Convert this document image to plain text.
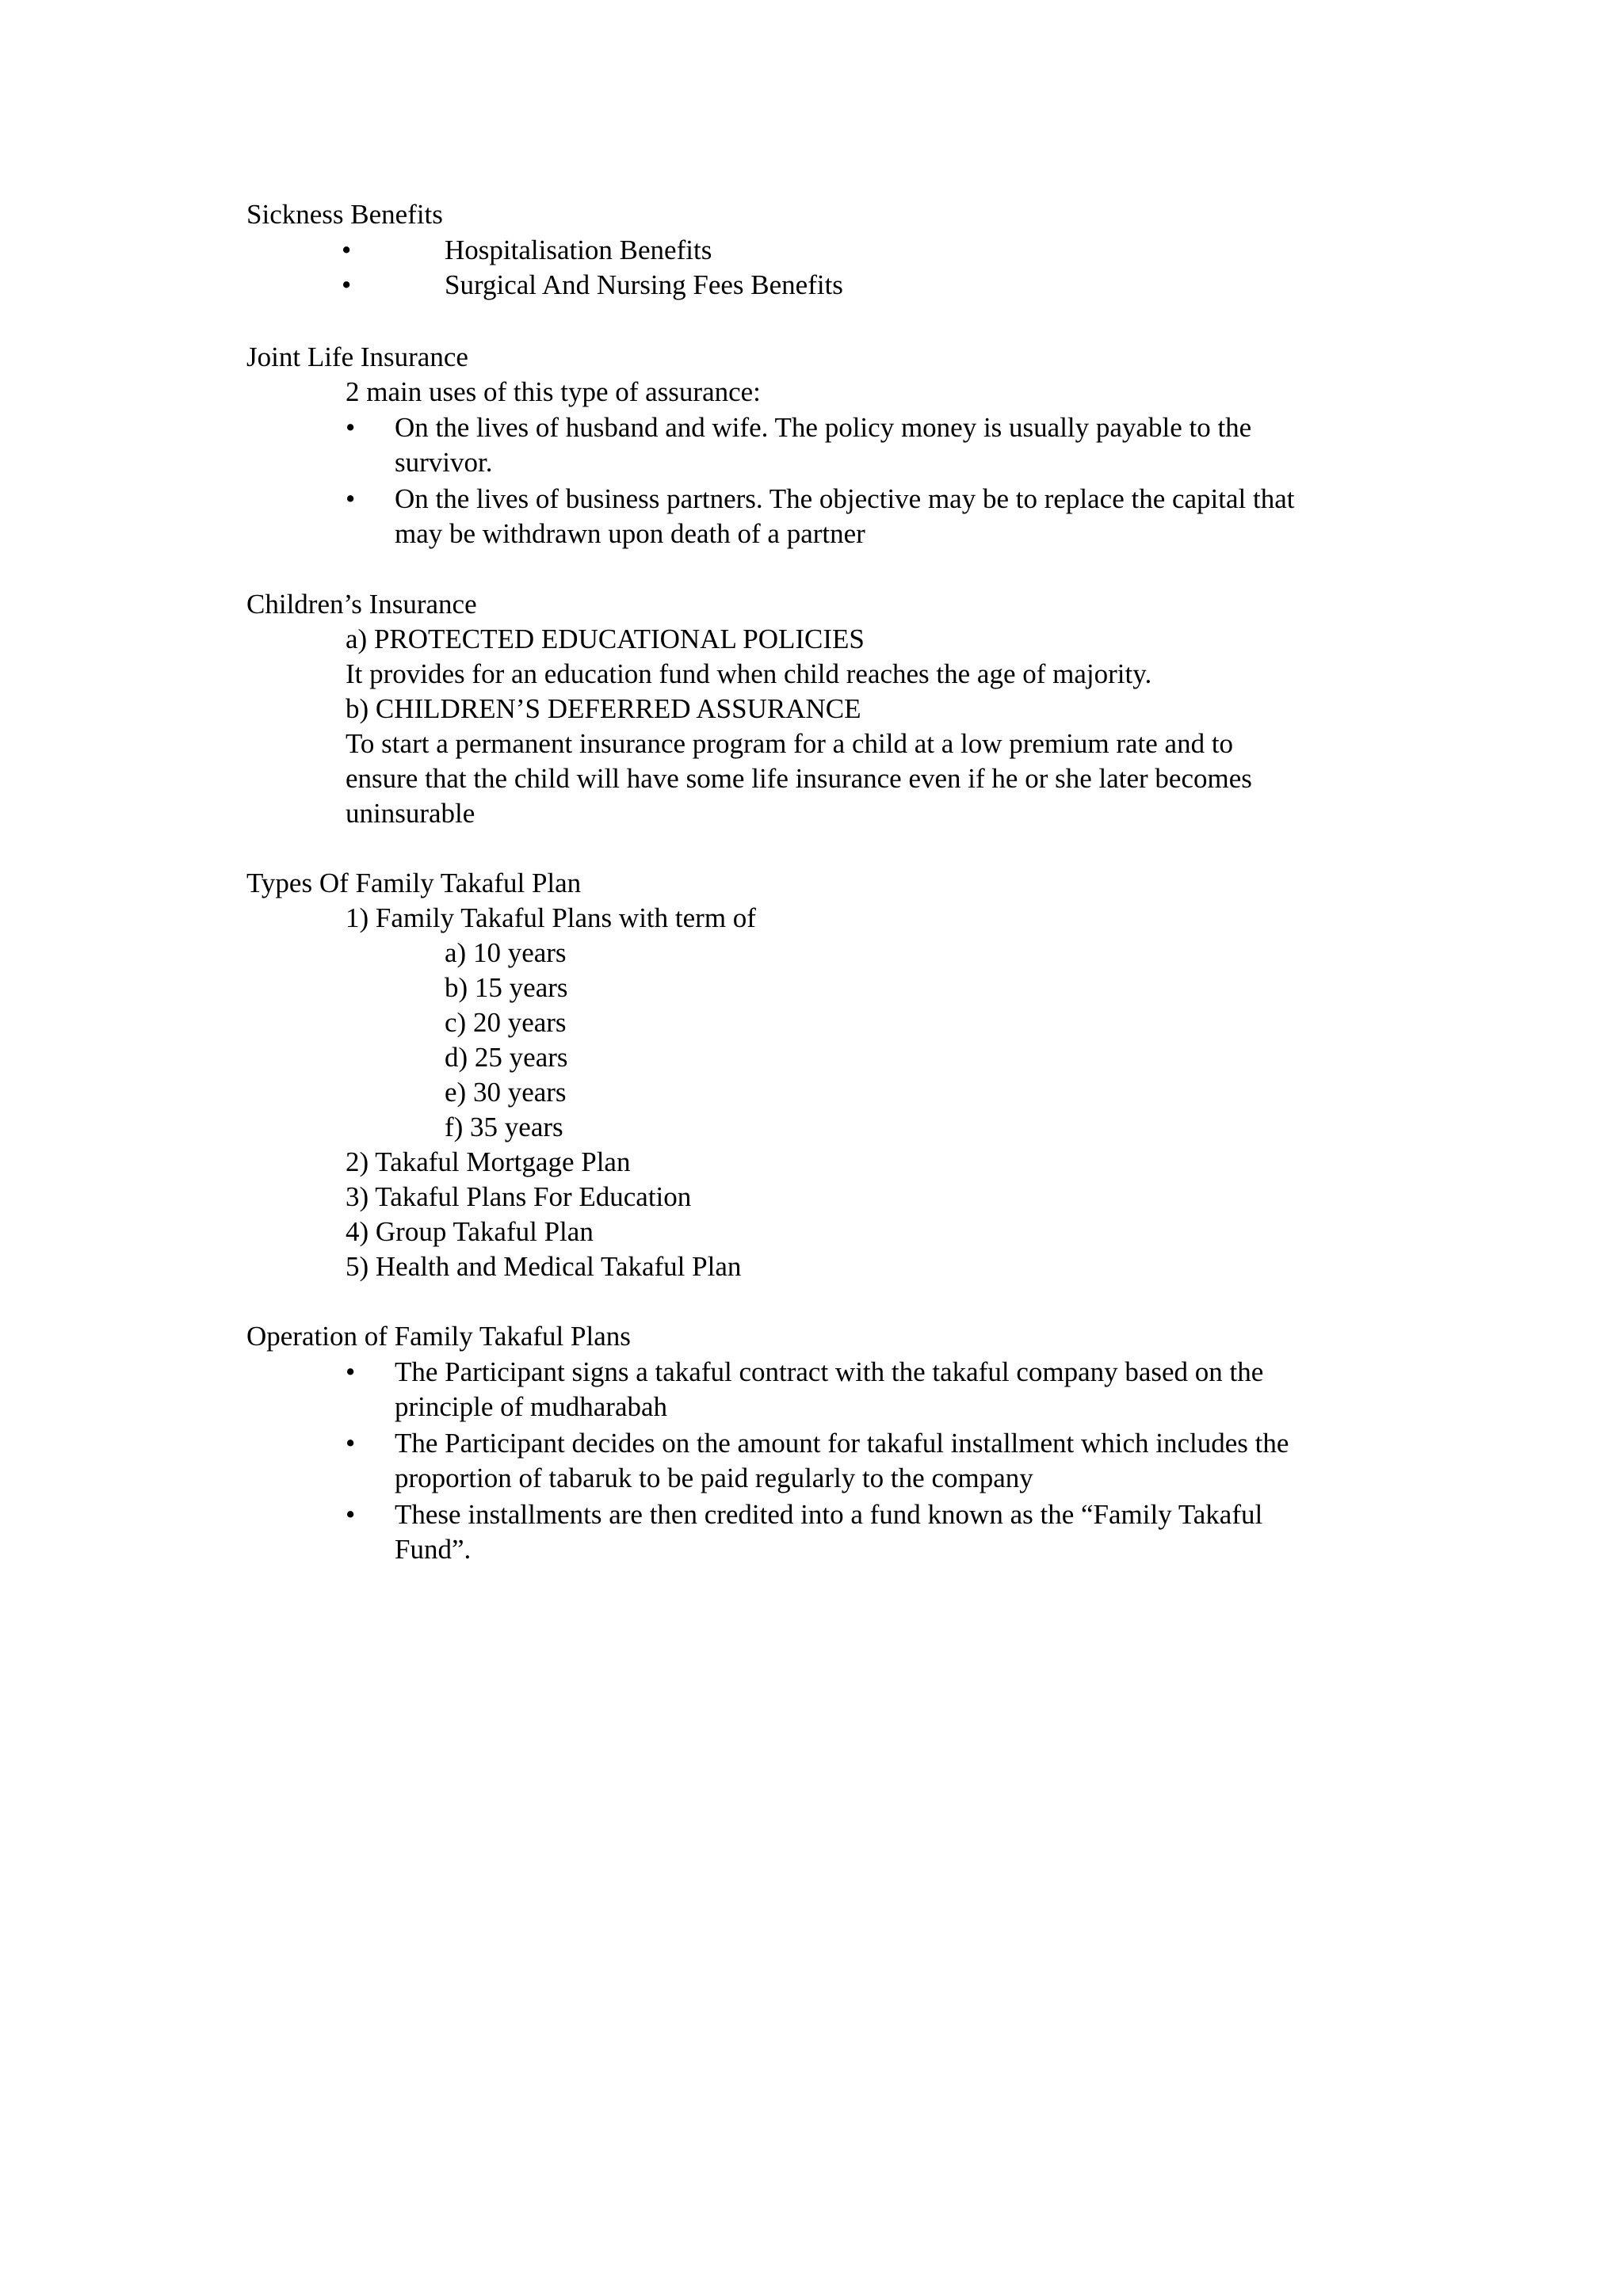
Sickness Benefits
•	Hospitalisation Benefits
•	Surgical And Nursing Fees Benefits
Joint Life Insurance
2 main uses of this type of assurance:
• On the lives of husband and wife. The policy money is usually payable to the
survivor.
• On the lives of business partners. The objective may be to replace the capital that
may be withdrawn upon death of a partner
Children’s Insurance
a) PROTECTED EDUCATIONAL POLICIES
It provides for an education fund when child reaches the age of majority.
b) CHILDREN’S DEFERRED ASSURANCE
To start a permanent insurance program for a child at a low premium rate and to
ensure that the child will have some life insurance even if he or she later becomes
uninsurable
Types Of Family Takaful Plan
1) Family Takaful Plans with term of
a) 10 years
b) 15 years
c) 20 years
d) 25 years
e) 30 years
f) 35 years
2) Takaful Mortgage Plan
3) Takaful Plans For Education
4) Group Takaful Plan
5) Health and Medical Takaful Plan
Operation of Family Takaful Plans
• The Participant signs a takaful contract with the takaful company based on the
principle of mudharabah
• The Participant decides on the amount for takaful installment which includes the
proportion of tabaruk to be paid regularly to the company
• These installments are then credited into a fund known as the “Family Takaful
Fund”.
